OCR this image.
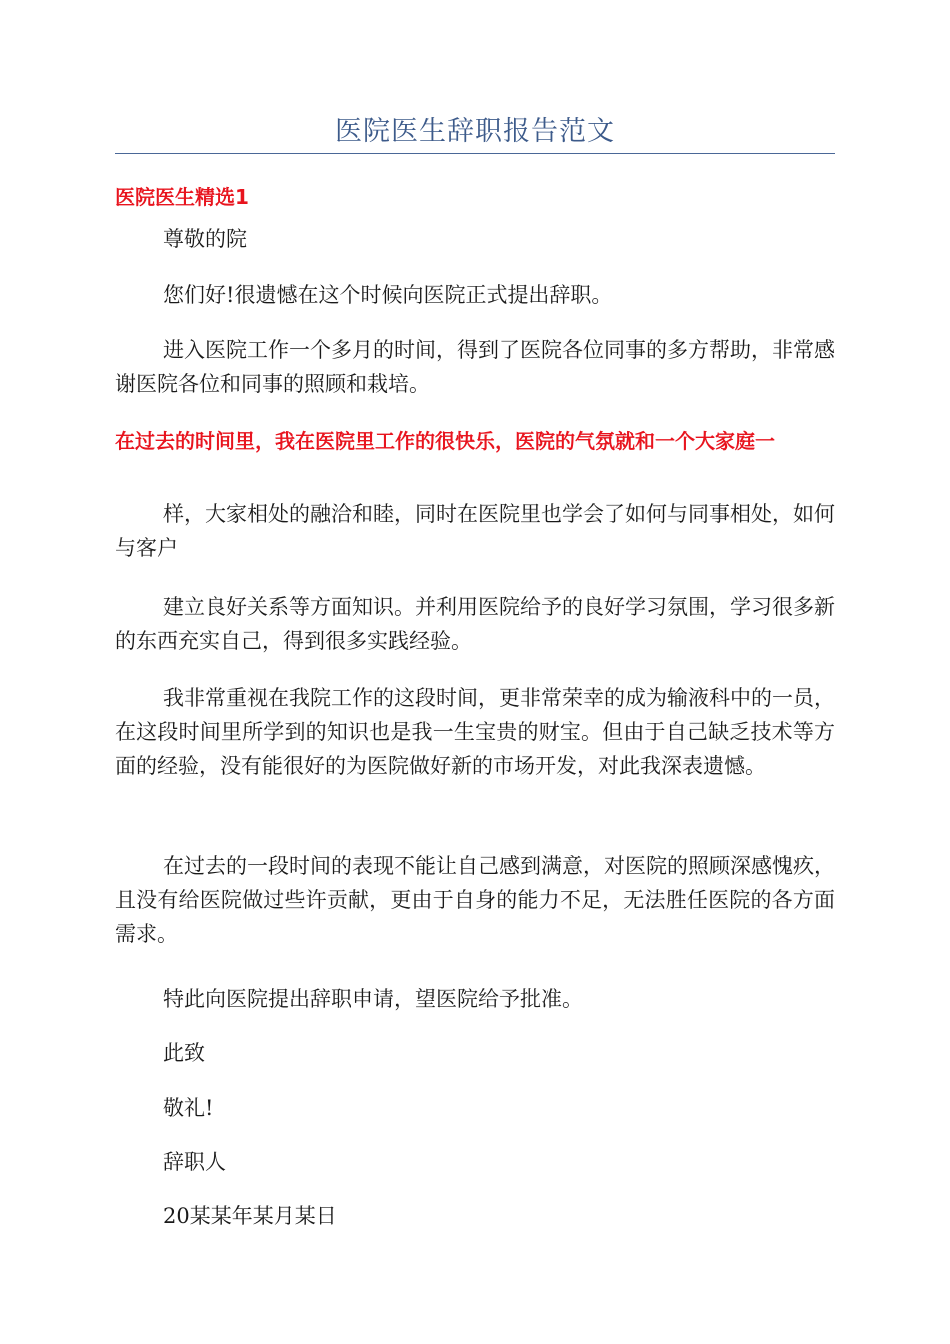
医院医生辞职报告范文

医院医生精选1

尊敬的院

您们好!很遗憾在这个时候向医院正式提出辞职。

进入医院工作一个多月的时间，得到了医院各位同事的多方帮助，非常感谢医院各位和同事的照顾和栽培。

在过去的时间里，我在医院里工作的很快乐，医院的气氛就和一个大家庭一

样，大家相处的融洽和睦，同时在医院里也学会了如何与同事相处，如何与客户

建立良好关系等方面知识。并利用医院给予的良好学习氛围，学习很多新的东西充实自己，得到很多实践经验。

我非常重视在我院工作的这段时间，更非常荣幸的成为输液科中的一员，在这段时间里所学到的知识也是我一生宝贵的财宝。但由于自己缺乏技术等方面的经验，没有能很好的为医院做好新的市场开发，对此我深表遗憾。

在过去的一段时间的表现不能让自己感到满意，对医院的照顾深感愧疚，且没有给医院做过些许贡献，更由于自身的能力不足，无法胜任医院的各方面需求。

特此向医院提出辞职申请，望医院给予批准。

此致

敬礼!

辞职人

20某某年某月某日
